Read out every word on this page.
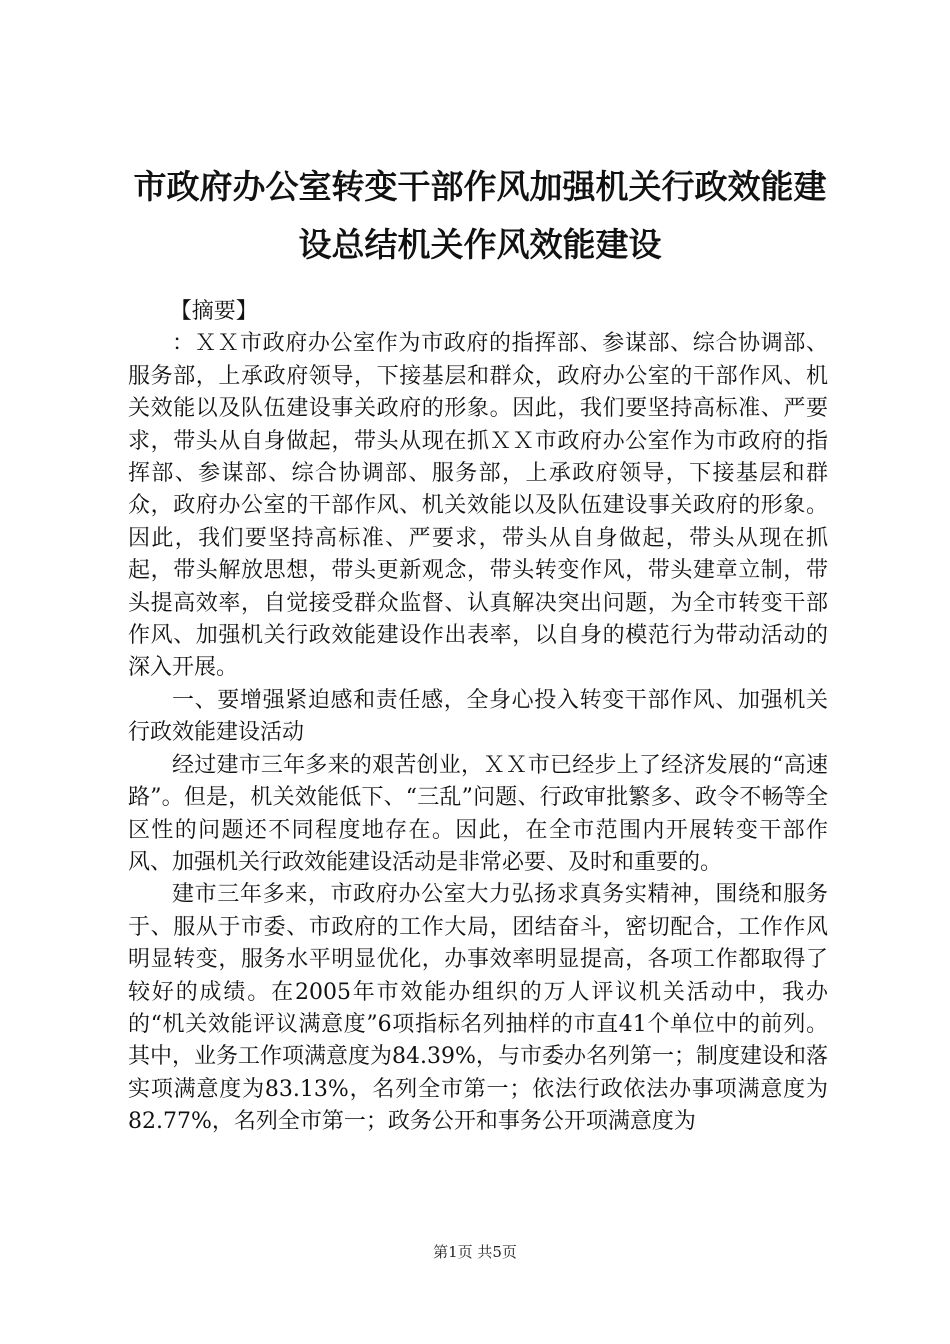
市政府办公室转变干部作风加强机关行政效能建设总结机关作风效能建设

【摘要】

：ＸＸ市政府办公室作为市政府的指挥部、参谋部、综合协调部、服务部，上承政府领导，下接基层和群众，政府办公室的干部作风、机关效能以及队伍建设事关政府的形象。因此，我们要坚持高标准、严要求，带头从自身做起，带头从现在抓ＸＸ市政府办公室作为市政府的指挥部、参谋部、综合协调部、服务部，上承政府领导，下接基层和群众，政府办公室的干部作风、机关效能以及队伍建设事关政府的形象。因此，我们要坚持高标准、严要求，带头从自身做起，带头从现在抓起，带头解放思想，带头更新观念，带头转变作风，带头建章立制，带头提高效率，自觉接受群众监督、认真解决突出问题，为全市转变干部作风、加强机关行政效能建设作出表率，以自身的模范行为带动活动的深入开展。

一、要增强紧迫感和责任感，全身心投入转变干部作风、加强机关行政效能建设活动

经过建市三年多来的艰苦创业，ＸＸ市已经步上了经济发展的“高速路”。但是，机关效能低下、“三乱”问题、行政审批繁多、政令不畅等全区性的问题还不同程度地存在。因此，在全市范围内开展转变干部作风、加强机关行政效能建设活动是非常必要、及时和重要的。

建市三年多来，市政府办公室大力弘扬求真务实精神，围绕和服务于、服从于市委、市政府的工作大局，团结奋斗，密切配合，工作作风明显转变，服务水平明显优化，办事效率明显提高，各项工作都取得了较好的成绩。在2005年市效能办组织的万人评议机关活动中，我办的“机关效能评议满意度”6项指标名列抽样的市直41个单位中的前列。其中，业务工作项满意度为84.39%，与市委办名列第一；制度建设和落实项满意度为83.13%，名列全市第一；依法行政依法办事项满意度为82.77%，名列全市第一；政务公开和事务公开项满意度为

第1页 共5页
